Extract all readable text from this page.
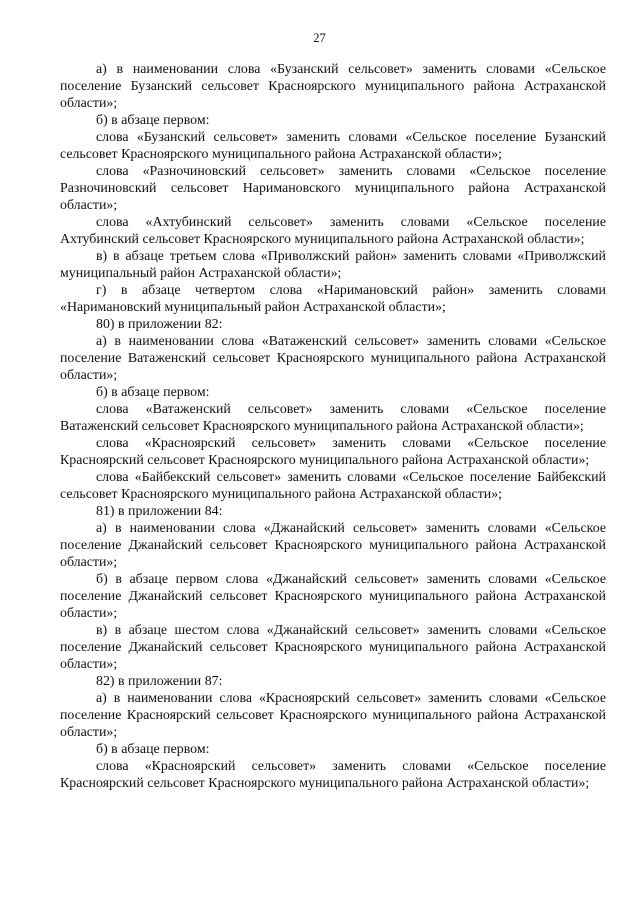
27

а) в наименовании слова «Бузанский сельсовет» заменить словами «Сельское поселение Бузанский сельсовет Красноярского муниципального района Астраханской области»;

б) в абзаце первом:

слова «Бузанский сельсовет» заменить словами «Сельское поселение Бузанский сельсовет Красноярского муниципального района Астраханской области»;

слова «Разночиновский сельсовет» заменить словами «Сельское поселение Разночиновский сельсовет Наримановского муниципального района Астраханской области»;

слова «Ахтубинский сельсовет» заменить словами «Сельское поселение Ахтубинский сельсовет Красноярского муниципального района Астраханской области»;

в) в абзаце третьем слова «Приволжский район» заменить словами «Приволжский муниципальный район Астраханской области»;

г) в абзаце четвертом слова «Наримановский район» заменить словами «Наримановский муниципальный район Астраханской области»;

80) в приложении 82:

а) в наименовании слова «Ватаженский сельсовет» заменить словами «Сельское поселение Ватаженский сельсовет Красноярского муниципального района Астраханской области»;

б) в абзаце первом:

слова «Ватаженский сельсовет» заменить словами «Сельское поселение Ватаженский сельсовет Красноярского муниципального района Астраханской области»;

слова «Красноярский сельсовет» заменить словами «Сельское поселение Красноярский сельсовет Красноярского муниципального района Астраханской области»;

слова «Байбекский сельсовет» заменить словами «Сельское поселение Байбекский сельсовет Красноярского муниципального района Астраханской области»;

81) в приложении 84:

а) в наименовании слова «Джанайский сельсовет» заменить словами «Сельское поселение Джанайский сельсовет Красноярского муниципального района Астраханской области»;

б) в абзаце первом слова «Джанайский сельсовет» заменить словами «Сельское поселение Джанайский сельсовет Красноярского муниципального района Астраханской области»;

в) в абзаце шестом слова «Джанайский сельсовет» заменить словами «Сельское поселение Джанайский сельсовет Красноярского муниципального района Астраханской области»;

82) в приложении 87:

а) в наименовании слова «Красноярский сельсовет» заменить словами «Сельское поселение Красноярский сельсовет Красноярского муниципального района Астраханской области»;

б) в абзаце первом:

слова «Красноярский сельсовет» заменить словами «Сельское поселение Красноярский сельсовет Красноярского муниципального района Астраханской области»;
